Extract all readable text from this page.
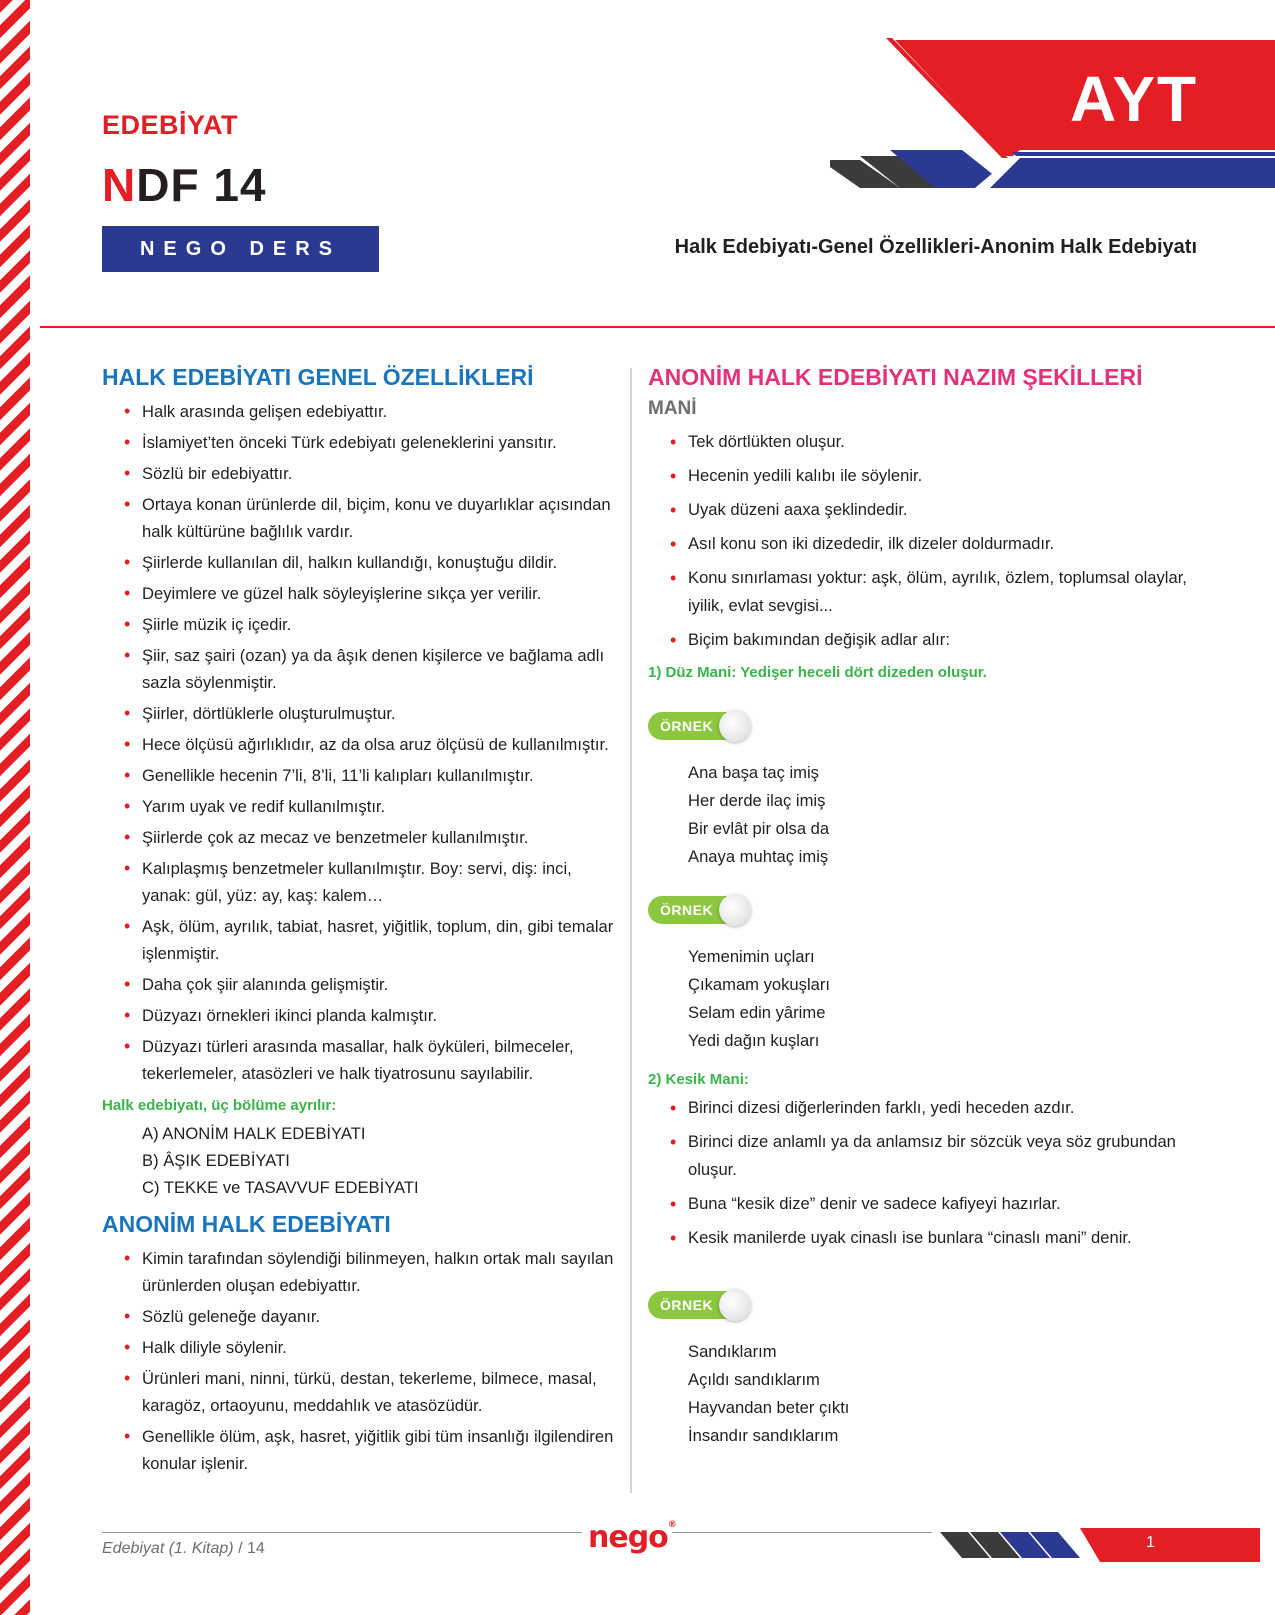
EDEBİYAT
NDF 14
NEGO DERS FÖYÜ
AYT
Halk Edebiyatı-Genel Özellikleri-Anonim Halk Edebiyatı
HALK EDEBİYATI GENEL ÖZELLİKLERİ
• Halk arasında gelişen edebiyattır.
• İslamiyet’ten önceki Türk edebiyatı geleneklerini yansıtır.
• Sözlü bir edebiyattır.
• Ortaya konan ürünlerde dil, biçim, konu ve duyarlıklar açısından halk kültürüne bağlılık vardır.
• Şiirlerde kullanılan dil, halkın kullandığı, konuştuğu dildir.
• Deyimlere ve güzel halk söyleyişlerine sıkça yer verilir.
• Şiirle müzik iç içedir.
• Şiir, saz şairi (ozan) ya da âşık denen kişilerce ve bağlama adlı sazla söylenmiştir.
• Şiirler, dörtlüklerle oluşturulmuştur.
• Hece ölçüsü ağırlıklıdır, az da olsa aruz ölçüsü de kullanılmıştır.
• Genellikle hecenin 7’li, 8’li, 11’li kalıpları kullanılmıştır.
• Yarım uyak ve redif kullanılmıştır.
• Şiirlerde çok az mecaz ve benzetmeler kullanılmıştır.
• Kalıplaşmış benzetmeler kullanılmıştır. Boy: servi, diş: inci, yanak: gül, yüz: ay, kaş: kalem…
• Aşk, ölüm, ayrılık, tabiat, hasret, yiğitlik, toplum, din, gibi temalar işlenmiştir.
• Daha çok şiir alanında gelişmiştir.
• Düzyazı örnekleri ikinci planda kalmıştır.
• Düzyazı türleri arasında masallar, halk öyküleri, bilmeceler, tekerlemeler, atasözleri ve halk tiyatrosunu sayılabilir.
Halk edebiyatı, üç bölüme ayrılır:
A) ANONİM HALK EDEBİYATI
B) ÂŞIK EDEBİYATI
C) TEKKE ve TASAVVUF EDEBİYATI
ANONİM HALK EDEBİYATI
• Kimin tarafından söylendiği bilinmeyen, halkın ortak malı sayılan ürünlerden oluşan edebiyattır.
• Sözlü geleneğe dayanır.
• Halk diliyle söylenir.
• Ürünleri mani, ninni, türkü, destan, tekerleme, bilmece, masal, karagöz, ortaoyunu, meddahlık ve atasözüdür.
• Genellikle ölüm, aşk, hasret, yiğitlik gibi tüm insanlığı ilgilendiren konular işlenir.
ANONİM HALK EDEBİYATI NAZIM ŞEKİLLERİ
MANİ
• Tek dörtlükten oluşur.
• Hecenin yedili kalıbı ile söylenir.
• Uyak düzeni aaxa şeklindedir.
• Asıl konu son iki dizededir, ilk dizeler doldurmadır.
• Konu sınırlaması yoktur: aşk, ölüm, ayrılık, özlem, toplumsal olaylar, iyilik, evlat sevgisi...
• Biçim bakımından değişik adlar alır:
1) Düz Mani: Yedişer heceli dört dizeden oluşur.
ÖRNEK
Ana başa taç imiş
Her derde ilaç imiş
Bir evlât pir olsa da
Anaya muhtaç imiş
ÖRNEK
Yemenimin uçları
Çıkamam yokuşları
Selam edin yârime
Yedi dağın kuşları
2) Kesik Mani:
• Birinci dizesi diğerlerinden farklı, yedi heceden azdır.
• Birinci dize anlamlı ya da anlamsız bir sözcük veya söz grubundan oluşur.
• Buna “kesik dize” denir ve sadece kafiyeyi hazırlar.
• Kesik manilerde uyak cinaslı ise bunlara “cinaslı mani” denir.
ÖRNEK
Sandıklarım
Açıldı sandıklarım
Hayvandan beter çıktı
İnsandır sandıklarım
Edebiyat (1. Kitap) / 14	nego®
1
